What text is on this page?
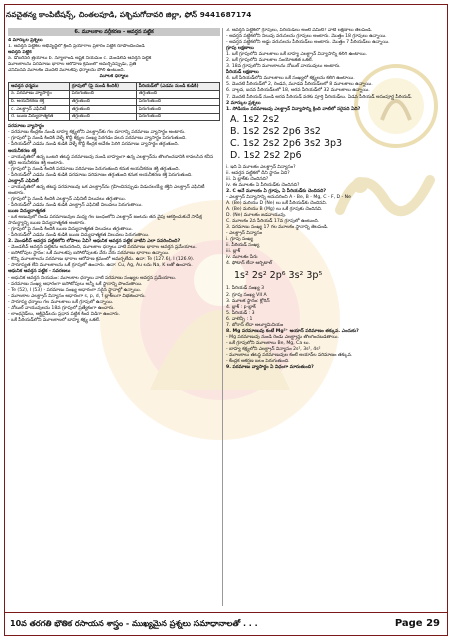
నవచైతన్య కాంపిటీషన్స్, చింతలపూడి, పశ్చిమగోదావరి జిల్లా, ఫోన్ 9441687174
6. మూలకాల వర్గీకరణ - ఆవర్తన పట్టిక
4 మార్కుల ప్రశ్నలు
1. ఆవర్తన పట్టికల అభివృద్ధిలో క్రింది ప్రయోగాల ప్రకారం పట్టిక రూపొందించండి
అవర్తన పట్టిక
a. డోబరీనర్ త్రయాలు b. న్యూలాండ్ అష్టక నియమం c. మెండలీవ్ ఆవర్తన పట్టిక
మూలకాలను పరమాణు భారాల ఆరోహణ క్రమంలో అమర్చినప్పుడు, ప్రతి
ఎనిమిదవ మూలకం మొదటి మూలకపు ధర్మాలను పోలి ఉంటుంది.
మూలక ధర్మాలు
ఆవర్తన ధర్మము	గ్రూపులో (పై నుండి కిందికి)	పీరియడ్‌లో (ఎడమ నుండి కుడికి)
a. పరమాణు వ్యాసార్థం	పెరుగుతుంది	తగ్గుతుంది
b. అయనీకరణ శక్తి	తగ్గుతుంది	పెరుగుతుంది
c. ఎలక్ట్రాన్ ఎఫినిటీ	తగ్గుతుంది	పెరుగుతుంది
d. ఋణ విద్యుదాత్మకత	తగ్గుతుంది	పెరుగుతుంది
పరమాణు వ్యాసార్థం
- పరమాణు కేంద్రకం నుండి బాహ్య కక్ష్యలోని ఎలక్ట్రాన్‌కు గల దూరాన్ని పరమాణు వ్యాసార్థం అంటారు.
- గ్రూపులో పై నుండి కిందికి వెళ్ళే కొద్దీ కక్ష్యల సంఖ్య పెరగడం వలన పరమాణు వ్యాసార్థం పెరుగుతుంది.
- పీరియడ్‌లో ఎడమ నుండి కుడికి వెళ్ళే కొద్దీ కేంద్రక ఆవేశం పెరిగి పరమాణు వ్యాసార్థం తగ్గుతుంది.
అయనీకరణ శక్తి
- వాయుస్థితిలో ఉన్న ఒంటరి తటస్థ పరమాణువు నుండి బాహ్యంగా ఉన్న ఎలక్ట్రాన్‌ను తొలగించడానికి కావలసిన కనీస శక్తిని అయనీకరణ శక్తి అంటారు.
- గ్రూపులో పై నుండి కిందికి పరమాణు పరిమాణం పెరుగుతుంది కనుక అయనీకరణ శక్తి తగ్గుతుంది.
- పీరియడ్‌లో ఎడమ నుండి కుడికి పరమాణు పరిమాణం తగ్గుతుంది కనుక అయనీకరణ శక్తి పెరుగుతుంది.
ఎలక్ట్రాన్ ఎఫినిటీ
- వాయుస్థితిలో ఉన్న తటస్థ పరమాణువు ఒక ఎలక్ట్రాన్‌ను గ్రహించినప్పుడు విడుదలయ్యే శక్తిని ఎలక్ట్రాన్ ఎఫినిటీ అంటారు.
- గ్రూపులో పై నుండి కిందికి ఎలక్ట్రాన్ ఎఫినిటీ విలువలు తగ్గుతాయి.
- పీరియడ్‌లో ఎడమ నుండి కుడికి ఎలక్ట్రాన్ ఎఫినిటీ విలువలు పెరుగుతాయి.
ఋణ విద్యుదాత్మకత
- ఒక అణువులో రెండు పరమాణువుల మధ్య గల బంధంలోని ఎలక్ట్రాన్ జంటను తన వైపు ఆకర్షించుకునే సాపేక్ష సామర్థ్యాన్ని ఋణ విద్యుదాత్మకత అంటారు.
- గ్రూపులో పై నుండి కిందికి ఋణ విద్యుదాత్మకత విలువలు తగ్గుతాయి.
- పీరియడ్‌లో ఎడమ నుండి కుడికి ఋణ విద్యుదాత్మకత విలువలు పెరుగుతాయి.
2. మెండలీవ్ ఆవర్తన పట్టికలోని లోపాలు ఏవి? ఆధునిక ఆవర్తన పట్టిక వాటిని ఎలా సవరించింది?
- మెండలీవ్ ఆవర్తన పట్టికను అనుసరించి, మూలకాల ధర్మాలు వాటి పరమాణు భారాల ఆవర్తన ప్రమేయాలు.
- ఐసోటోపుల స్థానం: ఒకే మూలకపు ఐసోటోపులకు వేరు వేరు పరమాణు భారాలు ఉన్నాయి.
- కొన్ని మూలకాలను పరమాణు భారాల ఆరోహణ క్రమంలో అమర్చలేదు. ఉదా: Te (127.6), I (126.9).
- సారూప్యత లేని మూలకాలను ఒకే గ్రూపులో ఉంచారు. ఉదా: Cu, Ag, Au లను Na, K లతో ఉంచారు.
ఆధునిక ఆవర్తన పట్టిక - సవరణలు
- ఆధునిక ఆవర్తన నియమం: మూలకాల ధర్మాలు వాటి పరమాణు సంఖ్యల ఆవర్తన ప్రమేయాలు.
- పరమాణు సంఖ్య ఆధారంగా ఐసోటోపులు అన్నీ ఒకే స్థానాన్ని పొందుతాయి.
- Te (52), I (53) - పరమాణు సంఖ్య ఆధారంగా సరైన స్థానాల్లో ఉన్నాయి.
- మూలకాల ఎలక్ట్రాన్ విన్యాసం ఆధారంగా s, p, d, f బ్లాక్‌లుగా విభజించారు.
- సారూప్య ధర్మాలు గల మూలకాలు ఒకే గ్రూపులో ఉన్నాయి.
- నోబుల్ వాయువులను 18వ గ్రూపులో ప్రత్యేకంగా ఉంచారు.
- లాంథనైడ్‌లు, ఆక్టినైడ్‌లను ప్రధాన పట్టిక కింద విడిగా ఉంచారు.
- ఒకే పీరియడ్‌లోని మూలకాలలో బాహ్య కక్ష్య ఒకటే.
3. ఆవర్తన పట్టికలో గ్రూపులు, పీరియడ్‌లు అంటే ఏమిటి? వాటి లక్షణాలు తెలపండి.
- ఆవర్తన పట్టికలోని నిలువు వరుసలను గ్రూపులు అంటారు. మొత్తం 18 గ్రూపులు ఉన్నాయి.
- ఆవర్తన పట్టికలోని అడ్డు వరుసలను పీరియడ్‌లు అంటారు. మొత్తం 7 పీరియడ్‌లు ఉన్నాయి.
గ్రూపు లక్షణాలు
1. ఒకే గ్రూపులోని మూలకాలు ఒకే బాహ్య ఎలక్ట్రాన్ విన్యాసాన్ని కలిగి ఉంటాయి.
2. ఒకే గ్రూపులోని మూలకాల సంయోజకత ఒకటే.
3. 18వ గ్రూపులోని మూలకాలను నోబుల్ వాయువులు అంటారు.
పీరియడ్ లక్షణాలు
4. ఒకే పీరియడ్‌లోని మూలకాలు ఒకే సంఖ్యలో కక్ష్యలను కలిగి ఉంటాయి.
5. మొదటి పీరియడ్‌లో 2, రెండవ, మూడవ పీరియడ్‌లలో 8 మూలకాలు ఉన్నాయి.
6. నాల్గవ, ఐదవ పీరియడ్‌లలో 18, ఆరవ పీరియడ్‌లో 32 మూలకాలు ఉన్నాయి.
7. మొదటి పీరియడ్ నుండి ఆరవ పీరియడ్ వరకు పూర్తి పీరియడ్‌లు. ఏడవ పీరియడ్ అసంపూర్ణ పీరియడ్.
2 మార్కుల ప్రశ్నలు
1. సోడియం పరమాణువు ఎలక్ట్రాన్ విన్యాసాన్ని క్రింది వాటిలో సరైనది ఏది?
A. 1s2 2s2
B. 1s2 2s2 2p6 3s2
C. 1s2 2s2 2p6 3s2 3p3
D. 1s2 2s2 2p6
i. ఇది ఏ మూలకం ఎలక్ట్రాన్ విన్యాసం?
ii. ఆవర్తన పట్టికలో దీని స్థానం ఏది?
iii. ఏ బ్లాక్‌కు చెందినది?
iv. ఈ మూలకం ఏ పీరియడ్‌కు చెందినది?
2. C అనే మూలకం ఏ గ్రూపు, ఏ పీరియడ్‌కు చెందినది?
- ఎలక్ట్రాన్ విన్యాసాన్ని అనుసరించి A - Be, B - Mg, C - F, D - Ne
A. (Be) మరియు D (Ne) లు ఒకే పీరియడ్‌కు చెందినవి.
A. (Be) మరియు B (Mg) లు ఒకే గ్రూపుకు చెందినవి.
D. (Ne) మూలకం జడవాయువు.
C. మూలకం 2వ పీరియడ్ 17వ గ్రూపులో ఉంటుంది.
3. పరమాణు సంఖ్య 17 గల మూలకం స్థానాన్ని తెలపండి.
- ఎలక్ట్రాన్ విన్యాసం
i. గ్రూపు సంఖ్య
ii. పీరియడ్ సంఖ్య
iii. బ్లాక్
iv. మూలకం పేరు
4. ఫోటాన్ లేదా ఆర్బిటాల్
1s² 2s² 2p⁶ 3s² 3p⁵
1. పీరియడ్ సంఖ్య 3
2. గ్రూపు సంఖ్య VII A
3. మూలక స్థానం: క్లోరిన్
4. బ్లాక్ : p-బ్లాక్
5. పీరియడ్ : 3
6. వాలెన్సీ : 1
7. బోరాన్ లేదా అల్యూమినియం
8. Mg పరమాణువు కంటే Mg²⁺ అయాన్ పరిమాణం తక్కువ. ఎందుకు?
- Mg పరమాణువు నుండి రెండు ఎలక్ట్రాన్లు తొలగించబడతాయి.
- ఒకే గ్రూపులోని మూలకాలు Be, Mg, Ca లు.
- బాహ్య కక్ష్యలోని ఎలక్ట్రాన్ విన్యాసం 2s², 3s², 4s²
- మూలకాలు తటస్థ పరమాణువుల కంటే అయాన్‌ల పరిమాణం తక్కువ.
- కేంద్రక ఆకర్షణ బలం పెరుగుతుంది.
9. పరమాణు వ్యాసార్థం ఏ విధంగా మారుతుంది?
10వ తరగతి భౌతిక రసాయన శాస్త్రం - ముఖ్యమైన ప్రశ్నలు సమాధానాలతో . . .	Page 29
